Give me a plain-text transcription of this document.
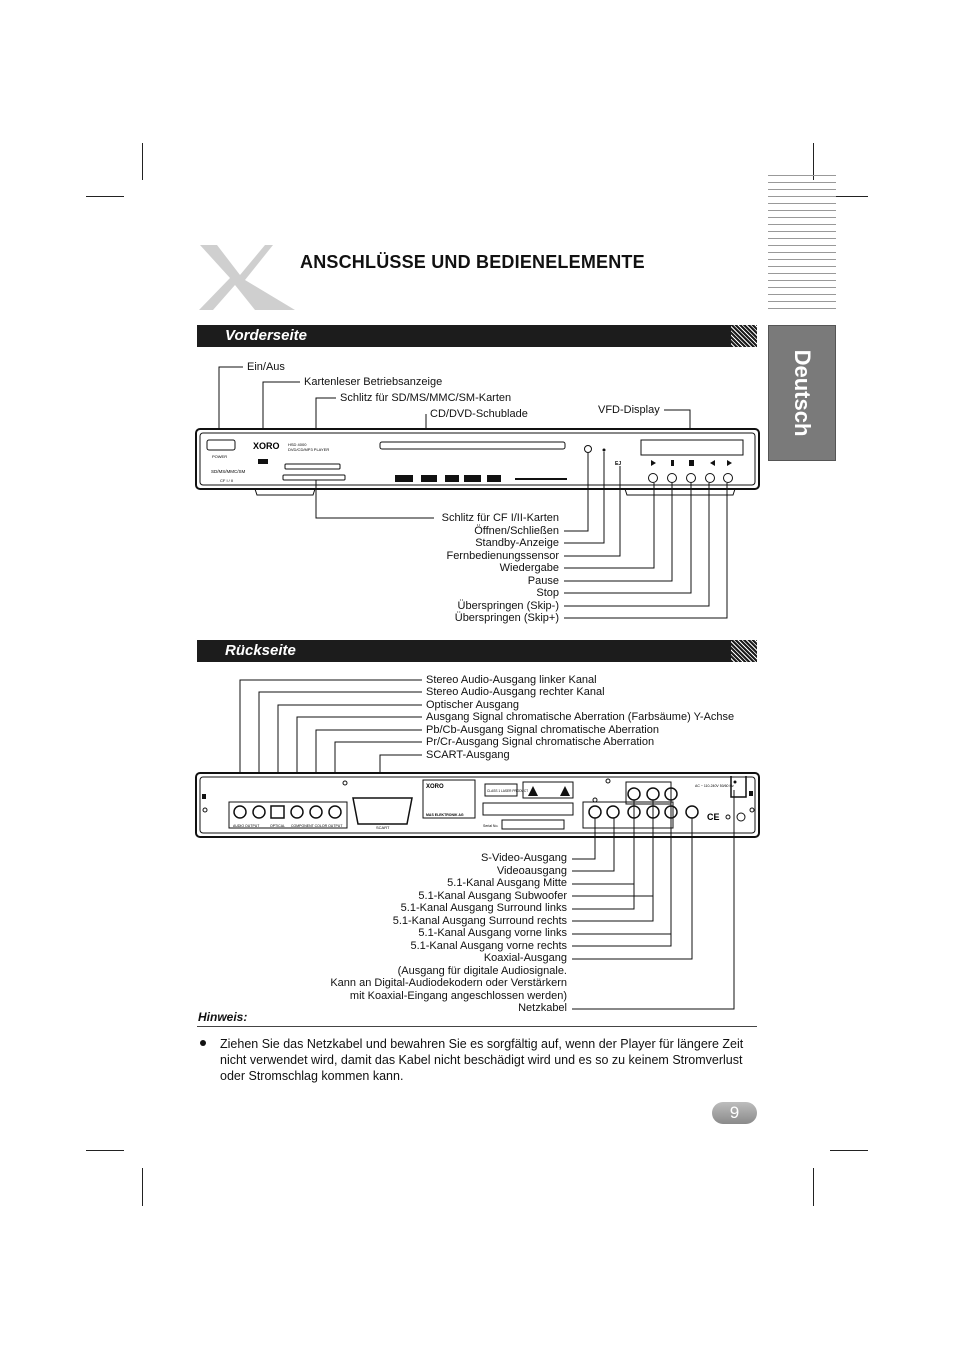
Deutsch
ANSCHLÜSSE UND BEDIENELEMENTE
Vorderseite
Ein/Aus
Kartenleser Betriebsanzeige
Schlitz für SD/MS/MMC/SM-Karten
CD/DVD-Schublade	VFD-Display
POWER
SD/MS/MMC/SM
CF I / II
XORO HSD 4000
DVD/CD/MP3 PLAYER
EJ
Schlitz für CF I/II-Karten
Öffnen/Schließen
Standby-Anzeige
Fernbedienungssensor
Wiedergabe
Pause
Stop
Überspringen (Skip-)
Überspringen (Skip+)
Rückseite
Stereo Audio-Ausgang linker Kanal
Stereo Audio-Ausgang rechter Kanal
Optischer Ausgang
Ausgang Signal chromatische Aberration (Farbsäume) Y-Achse
Pb/Cb-Ausgang Signal chromatische Aberration
Pr/Cr-Ausgang Signal chromatische Aberration
SCART-Ausgang
AUDIO OUTPUT	OPTICAL COMPONENT COLOR OUTPUT	SCART
XORO
MAS ELEKTRONIK AG
CLASS 1 LASER PRODUCT
Serial No.
AC ~ 110-240V 50/60 Hz
CE
S-Video-Ausgang
Videoausgang
5.1-Kanal Ausgang Mitte
5.1-Kanal Ausgang Subwoofer
5.1-Kanal Ausgang Surround links
5.1-Kanal Ausgang Surround rechts
5.1-Kanal Ausgang vorne links
5.1-Kanal Ausgang vorne rechts
Koaxial-Ausgang
(Ausgang für digitale Audiosignale.
Kann an Digital-Audiodekodern oder Verstärkern
mit Koaxial-Eingang angeschlossen werden)
Netzkabel
Hinweis:
Ziehen Sie das Netzkabel und bewahren Sie es sorgfältig auf, wenn der Player für längere Zeit nicht verwendet wird, damit das Kabel nicht beschädigt wird und es so zu keinem Stromverlust oder Stromschlag kommen kann.
9
